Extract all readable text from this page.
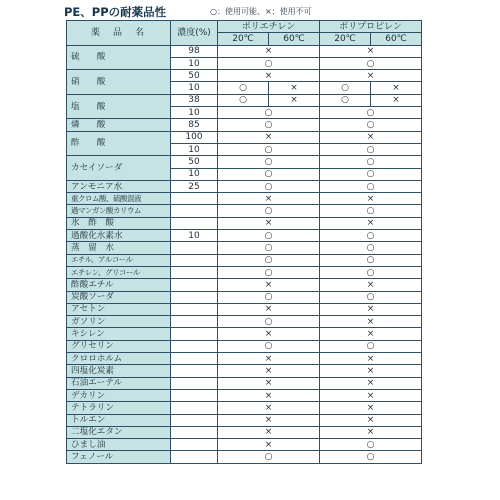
PE、PPの耐薬品性	○：使用可能、×：使用不可
薬　品　名	濃度(%)	ポリエチレン		ポリプロピレン	
		20℃	60℃	20℃	60℃
硫　　酸	98	×		×	
	10	○		○	
硝　　酸	50	×		×	
	10	○	×	○	×
塩　　酸	38	○	×	○	×
	10	○		○	
燐　　酸	85	○		○	
酢　　酸	100	×		×	
	10	○		○	
カセイソーダ	50	○		○	
	10	○		○	
アンモニア水	25	○		○	
重クロム酸、硫酸混液		×		×	
過マンガン酸カリウム		○		○	
氷　酢　酸		×		×	
過酸化水素水	10	○		○	
蒸　留　水		○		○	
エチル、アルコール		○		○	
エチレン、グリコール		○		○	
酢酸エチル		×		×	
炭酸ソーダ		○		○	
アセトン		×		×	
ガソリン		○		×	
キシレン		×		×	
グリセリン		○		○	
クロロホルム		×		×	
四塩化炭素		×		×	
石油エーテル		×		×	
デカリン		×		×	
テトラリン		×		×	
トルエン		×		×	
二塩化エタン		×		×	
ひまし油		×		○	
フェノール		○		○	
